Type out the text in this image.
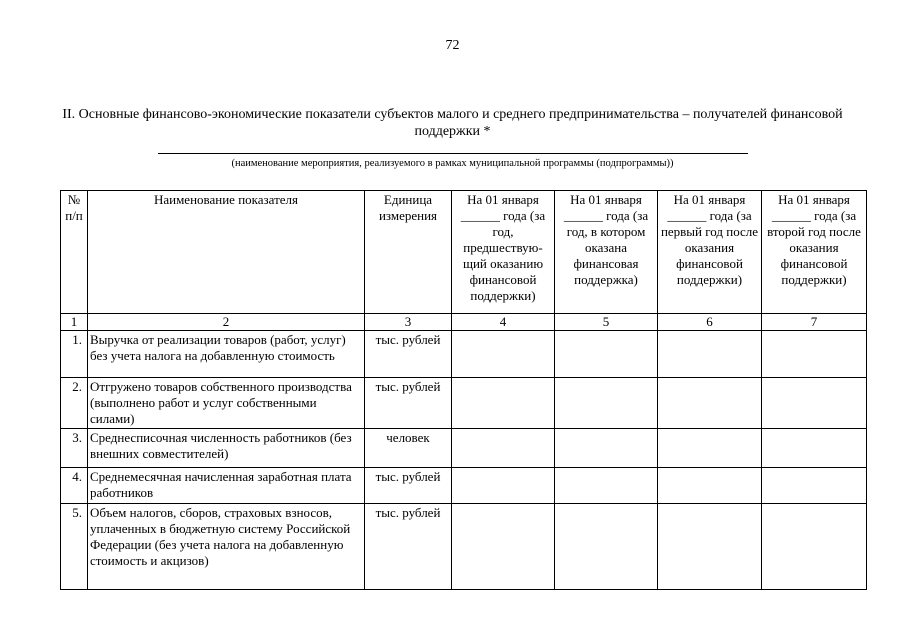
72
II. Основные финансово-экономические показатели субъектов малого и среднего предпринимательства – получателей финансовой поддержки *
(наименование мероприятия, реализуемого в рамках муниципальной программы (подпрограммы))
№ п/п	Наименование показателя	Единица измерения	На 01 января ______ года (за год, предшествую-щий оказанию финансовой поддержки)	На 01 января ______ года (за год, в котором оказана финансовая поддержка)	На 01 января ______ года (за первый год после оказания финансовой поддержки)	На 01 января ______ года (за второй год после оказания финансовой поддержки)
1	2	3	4	5	6	7
1.	Выручка от реализации товаров (работ, услуг) без учета налога на добавленную стоимость	тыс. рублей				
2.	Отгружено товаров собственного производства (выполнено работ и услуг собственными силами)	тыс. рублей				
3.	Среднесписочная численность работников (без внешних совместителей)	человек				
4.	Среднемесячная начисленная заработная плата работников	тыс. рублей				
5.	Объем налогов, сборов, страховых взносов, уплаченных в бюджетную систему Российской Федерации (без учета налога на добавленную стоимость и акцизов)	тыс. рублей				
